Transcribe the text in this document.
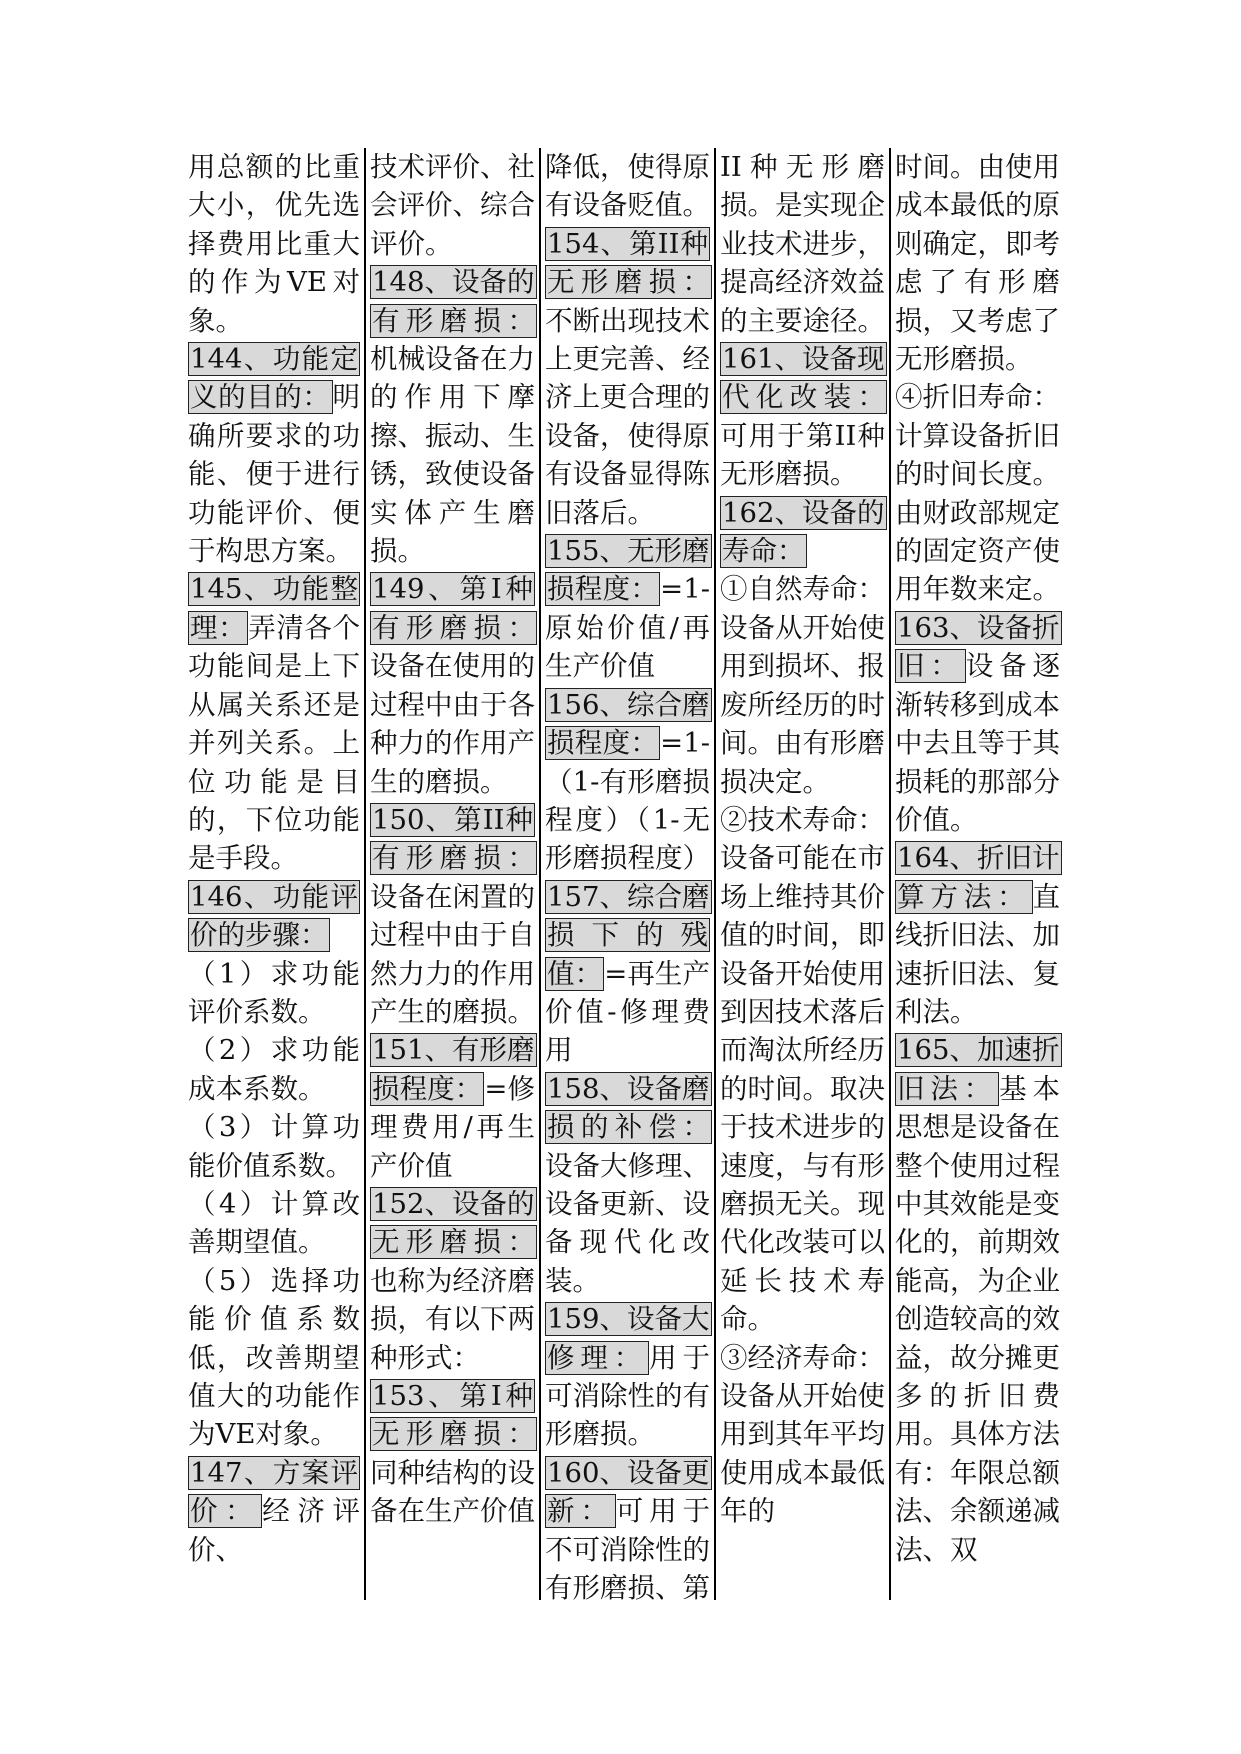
用总额的比重大小，优先选择费用比重大的作为VE对象。

144、功能定义的目的：明确所要求的功能、便于进行功能评价、便于构思方案。

145、功能整理：弄清各个功能间是上下从属关系还是并列关系。上位功能是目的，下位功能是手段。

146、功能评价的步骤：

（1）求功能评价系数。

（2）求功能成本系数。

（3）计算功能价值系数。

（4）计算改善期望值。

（5）选择功能价值系数低，改善期望值大的功能作为VE对象。

147、方案评价：经济评价、

技术评价、社会评价、综合评价。

148、设备的有形磨损：机械设备在力的作用下摩擦、振动、生锈，致使设备实体产生磨损。

149、第I种有形磨损：设备在使用的过程中由于各种力的作用产生的磨损。

150、第II种有形磨损：设备在闲置的过程中由于自然力力的作用产生的磨损。

151、有形磨损程度：=修理费用/再生产价值

152、设备的无形磨损：也称为经济磨损，有以下两种形式：

153、第I种无形磨损：同种结构的设备在生产价值

降低，使得原有设备贬值。

154、第II种无形磨损：不断出现技术上更完善、经济上更合理的设备，使得原有设备显得陈旧落后。

155、无形磨损程度：=1-原始价值/再生产价值

156、综合磨损程度：=1-（1-有形磨损程度）（1-无形磨损程度）

157、综合磨损下的残值：=再生产价值-修理费用

158、设备磨损的补偿：设备大修理、设备更新、设备现代化改装。

159、设备大修理：用于可消除性的有形磨损。

160、设备更新：可用于不可消除性的有形磨损、第

II种无形磨损。是实现企业技术进步，提高经济效益的主要途径。

161、设备现代化改装：可用于第II种无形磨损。

162、设备的寿命：

①自然寿命：设备从开始使用到损坏、报废所经历的时间。由有形磨损决定。

②技术寿命：设备可能在市场上维持其价值的时间，即设备开始使用到因技术落后而淘汰所经历的时间。取决于技术进步的速度，与有形磨损无关。现代化改装可以延长技术寿命。

③经济寿命：设备从开始使用到其年平均使用成本最低年的

时间。由使用成本最低的原则确定，即考虑了有形磨损，又考虑了无形磨损。

④折旧寿命：计算设备折旧的时间长度。由财政部规定的固定资产使用年数来定。

163、设备折旧：设备逐渐转移到成本中去且等于其损耗的那部分价值。

164、折旧计算方法：直线折旧法、加速折旧法、复利法。

165、加速折旧法：基本思想是设备在整个使用过程中其效能是变化的，前期效能高，为企业创造较高的效益，故分摊更多的折旧费用。具体方法有：年限总额法、余额递减法、双
